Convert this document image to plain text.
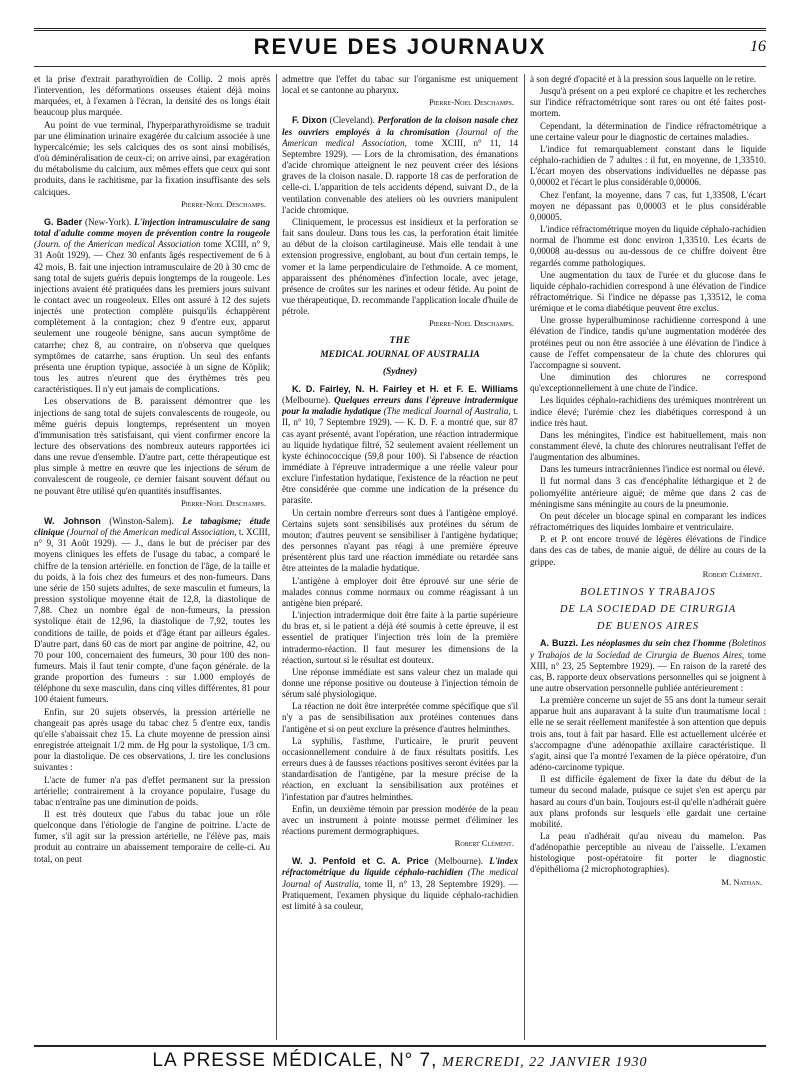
REVUE DES JOURNAUX	16

et la prise d'extrait parathyroïdien de Collip. 2 mois après l'intervention, les déformations osseuses étaient déjà moins marquées, et, à l'examen à l'écran, la densité des os longs était beaucoup plus marquée.

Au point de vue terminal, l'hyperparathyroïdisme se traduit par une élimination urinaire exagérée du calcium associée à une hypercalcémie; les sels calciques des os sont ainsi mobilisés, d'où déminéralisation de ceux-ci; on arrive ainsi, par exagération du métabolisme du calcium, aux mêmes effets que ceux qui sont produits, dans le rachitisme, par la fixation insuffisante des sels calciques.

Pierre-Noel Deschamps.

G. Bader (New-York). L'injection intramusculaire de sang total d'adulte comme moyen de prévention contre la rougeole (Journ. of the American medical Association tome XCIII, n° 9, 31 Août 1929). — Chez 30 enfants âgés respectivement de 6 à 42 mois, B. fait une injection intramusculaire de 20 à 30 cmc de sang total de sujets guéris depuis longtemps de la rougeole. Les injections avaient été pratiquées dans les premiers jours suivant le contact avec un rougeoleux. Elles ont assuré à 12 des sujets injectés une protection complète puisqu'ils échappèrent complètement à la contagion; chez 9 d'entre eux, apparut seulement une rougeole bénigne, sans aucun symptôme de catarrhe; chez 8, au contraire, on n'observa que quelques symptômes de catarrhe, sans éruption. Un seul des enfants présenta une éruption typique, associée à un signe de Köplik; tous les autres n'eurent que des érythèmes très peu caractéristiques. Il n'y eut jamais de complications.

Les observations de B. paraissent démontrer que les injections de sang total de sujets convalescents de rougeole, ou même guéris depuis longtemps, représentent un moyen d'immunisation très satisfaisant, qui vient confirmer encore la lecture des observations des nombreux auteurs rapportées ici dans une revue d'ensemble. D'autre part, cette thérapeutique est plus simple à mettre en œuvre que les injections de sérum de convalescent de rougeole, ce dernier faisant souvent défaut ou ne pouvant être utilisé qu'en quantités insuffisantes.

Pierre-Noel Deschamps.

W. Johnson (Winston-Salem). Le tabagisme; étude clinique (Journal of the American medical Association, t. XCIII, n° 9, 31 Août 1929). — J., dans le but de préciser par des moyens cliniques les effets de l'usage du tabac, a comparé le chiffre de la tension artérielle. en fonction de l'âge, de la taille et du poids, à la fois chez des fumeurs et des non-fumeurs. Dans une série de 150 sujets adultes, de sexe masculin et fumeurs, la pression systolique moyenne était de 12,8, la diastolique de 7,88. Chez un nombre égal de non-fumeurs, la pression systolique était de 12,96, la diastolique de 7,92, toutes les conditions de taille, de poids et d'âge étant par ailleurs égales. D'autre part, dans 60 cas de mort par angine de poitrine, 42, ou 70 pour 100, concernaient des fumeurs, 30 pour 100 des non-fumeurs. Mais il faut tenir compte, d'une façon générale. de la grande proportion des fumeurs : sur 1.000 employés de téléphone du sexe masculin, dans cinq villes différentes, 81 pour 100 étaient fumeurs.

Enfin, sur 20 sujets observés, la pression artérielle ne changeait pas après usage du tabac chez 5 d'entre eux, tandis qu'elle s'abaissait chez 15. La chute moyenne de pression ainsi enregistrée atteignait 1/2 mm. de Hg pour la systolique, 1/3 cm. pour la diastolique. De ces observations, J. tire les conclusions suivantes :

L'acte de fumer n'a pas d'effet permanent sur la pression artérielle; contrairement à la croyance populaire, l'usage du tabac n'entraîne pas une diminution de poids.

Il est très douteux que l'abus du tabac joue un rôle quelconque dans l'étiologie de l'angine de poitrine. L'acte de fumer, s'il agit sur la pression artérielle, ne l'élève pas, mais produit au contraire un abaissement temporaire de celle-ci. Au total, on peut

admettre que l'effet du tabac sur l'organisme est uniquement local et se cantonne au pharynx.

Pierre-Noel Deschamps.

F. Dixon (Cleveland). Perforation de la cloison nasale chez les ouvriers employés à la chromisation (Journal of the American medical Association, tome XCIII, n° 11, 14 Septembre 1929). — Lors de la chromisation, des émanations d'acide chromique atteignent le nez peuvent créer des lésions graves de la cloison nasale. D. rapporte 18 cas de perforation de celle-ci. L'apparition de tels accidents dépend, suivant D., de la ventilation convenable des ateliers où les ouvriers manipulent l'acide chromique.

Cliniquement, le processus est insidieux et la perforation se fait sans douleur. Dans tous les cas, la perforation était limitée au début de la cloison cartilagineuse. Mais elle tendait à une extension progressive, englobant, au bout d'un certain temps, le vomer et la lame perpendiculaire de l'ethmoïde. A ce moment, apparaissent des phénomènes d'infection locale, avec jetage, présence de croûtes sur les narines et odeur fétide. Au point de vue thérapeutique, D. recommande l'application locale d'huile de pétrole.

Pierre-Noel Deschamps.
THE
MEDICAL JOURNAL OF AUSTRALIA
(Sydney)

K. D. Fairley, N. H. Fairley et H. et F. E. Williams (Melbourne). Quelques erreurs dans l'épreuve intradermique pour la maladie hydatique (The medical Journal of Australia, t. II, n° 10, 7 Septembre 1929). — K. D. F. a montré que, sur 87 cas ayant présenté, avant l'opération, une réaction intradermique au liquide hydatique filtré, 52 seulement avaient réellement un kyste échinococcique (59,8 pour 100). Si l'absence de réaction immédiate à l'épreuve intradermique a une réelle valeur pour exclure l'infestation hydatique, l'existence de la réaction ne peut être considérée que comme une indication de la présence du parasite.

Un certain nombre d'erreurs sont dues à l'antigène employé. Certains sujets sont sensibilisés aux protéines du sérum de mouton; d'autres peuvent se sensibiliser à l'antigène hydatique; des personnes n'ayant pas réagi à une première épreuve présentèrent plus tard une réaction immédiate ou retardée sans être atteintes de la maladie hydatique.

L'antigène à employer doit être éprouvé sur une série de malades connus comme normaux ou comme réagissant à un antigène bien préparé.

L'injection intradermique doit être faite à la partie supérieure du bras et, si le patient a déjà été soumis à cette épreuve, il est essentiel de pratiquer l'injection très loin de la première intradermo-réaction. Il faut mesurer les dimensions de la réaction, surtout si le résultat est douteux.

Une réponse immédiate est sans valeur chez un malade qui donne une réponse positive ou douteuse à l'injection témoin de sérum salé physiologique.

La réaction ne doit être interprétée comme spécifique que s'il n'y a pas de sensibilisation aux protéines contenues dans l'antigène et si on peut exclure la présence d'autres helminthes.

La syphilis, l'asthme, l'urticaire, le prurit peuvent occasionnellement conduire à de faux résultats positifs. Les erreurs dues à de fausses réactions positives seront évitées par la standardisation de l'antigène, par la mesure précise de la réaction, en excluant la sensibilisation aux protéines et l'infestation par d'autres helminthes.

Enfin, un deuxième témoin par pression modérée de la peau avec un instrument à pointe mousse permet d'éliminer les réactions purement dermographiques.

Robert Clément.

W. J. Penfold et C. A. Price (Melbourne). L'index réfractométrique du liquide céphalo-rachidien (The medical Journal of Australia, tome II, n° 13, 28 Septembre 1929). — Pratiquement, l'examen physique du liquide céphalo-rachidien est limité à sa couleur,

à son degré d'opacité et à la pression sous laquelle on le retire.

Jusqu'à présent on a peu exploré ce chapitre et les recherches sur l'indice réfractométrique sont rares ou ont été faites post-mortem.

Cependant, la détermination de l'indice réfractométrique a une certaine valeur pour le diagnostic de certaines maladies.

L'indice fut remarquablement constant dans le liquide céphalo-rachidien de 7 adultes : il fut, en moyenne, de 1,33510. L'écart moyen des observations individuelles ne dépasse pas 0,00002 et l'écart le plus considérable 0,00006.

Chez l'enfant, la moyenne, dans 7 cas, fut 1,33508, L'écart moyen ne dépassant pas 0,00003 et le plus considérable 0,00005.

L'indice réfractométrique moyen du liquide céphalo-rachidien normal de l'homme est donc environ 1,33510. Les écarts de 0,00008 au-dessus ou au-dessous de ce chiffre doivent être regardés comme pathologiques.

Une augmentation du taux de l'urée et du glucose dans le liquide céphalo-rachidien correspond à une élévation de l'indice réfractométrique. Si l'indice ne dépasse pas 1,33512, le coma urémique et le coma diabétique peuvent être exclus.

Une grosse hyperalbuminose rachidienne correspond à une élévation de l'indice, tandis qu'une augmentation modérée des protéines peut ou non être associée à une élévation de l'indice à cause de l'effet compensateur de la chute des chlorures qui l'accompagne si souvent.

Une diminution des chlorures ne correspond qu'exceptionnellement à une chute de l'indice.

Les liquides céphalo-rachidiens des urémiques montrèrent un indice élevé; l'urémie chez les diabétiques correspond à un indice très haut.

Dans les méningites, l'indice est habituellement, mais non constamment élevé, la chute des chlorures neutralisant l'effet de l'augmentation des albumines.

Dans les tumeurs intracrâniennes l'indice est normal ou élevé.

Il fut normal dans 3 cas d'encéphalite léthargique et 2 de poliomyélite antérieure aiguë; de même que dans 2 cas de méningisme sans méningite au cours de la pneumonie.

On peut déceler un blocage spinal en comparant les indices réfractométriques des liquides lombaire et ventriculaire.

P. et P. ont encore trouvé de légères élévations de l'indice dans des cas de tabes, de manie aiguë, de délire au cours de la grippe.

Robert Clément.
BOLETINOS Y TRABAJOS
DE LA SOCIEDAD DE CIRURGIA
DE BUENOS AIRES

A. Buzzi. Les néoplasmes du sein chez l'homme (Boletinos y Trabajos de la Sociedad de Cirurgia de Buenos Aires, tome XIII, n° 23, 25 Septembre 1929). — En raison de la rareté des cas, B. rapporte deux observations personnelles qui se joignent à une autre observation personnelle publiée antérieurement :

La première concerne un sujet de 55 ans dont la tumeur serait apparue huit ans auparavant à la suite d'un traumatisme local : elle ne se serait réellement manifestée à son attention que depuis trois ans, tout à fait par hasard. Elle est actuellement ulcérée et s'accompagne d'une adénopathie axillaire caractéristique. Il s'agit, ainsi que l'a montré l'examen de la pièce opératoire, d'un adéno-carcinome typique.

Il est difficile également de fixer la date du début de la tumeur du second malade, puisque ce sujet s'en est aperçu par hasard au cours d'un bain. Toujours est-il qu'elle n'adhérait guère aux plans profonds sur lesquels elle gardait une certaine mobilité.

La peau n'adhérait qu'au niveau du mamelon. Pas d'adénopathie perceptible au niveau de l'aisselle. L'examen histologique post-opératoire fit porter le diagnostic d'épithélioma (2 microphotographies).

M. Nathan.
LA PRESSE MÉDICALE, N° 7, MERCREDI, 22 JANVIER 1930
